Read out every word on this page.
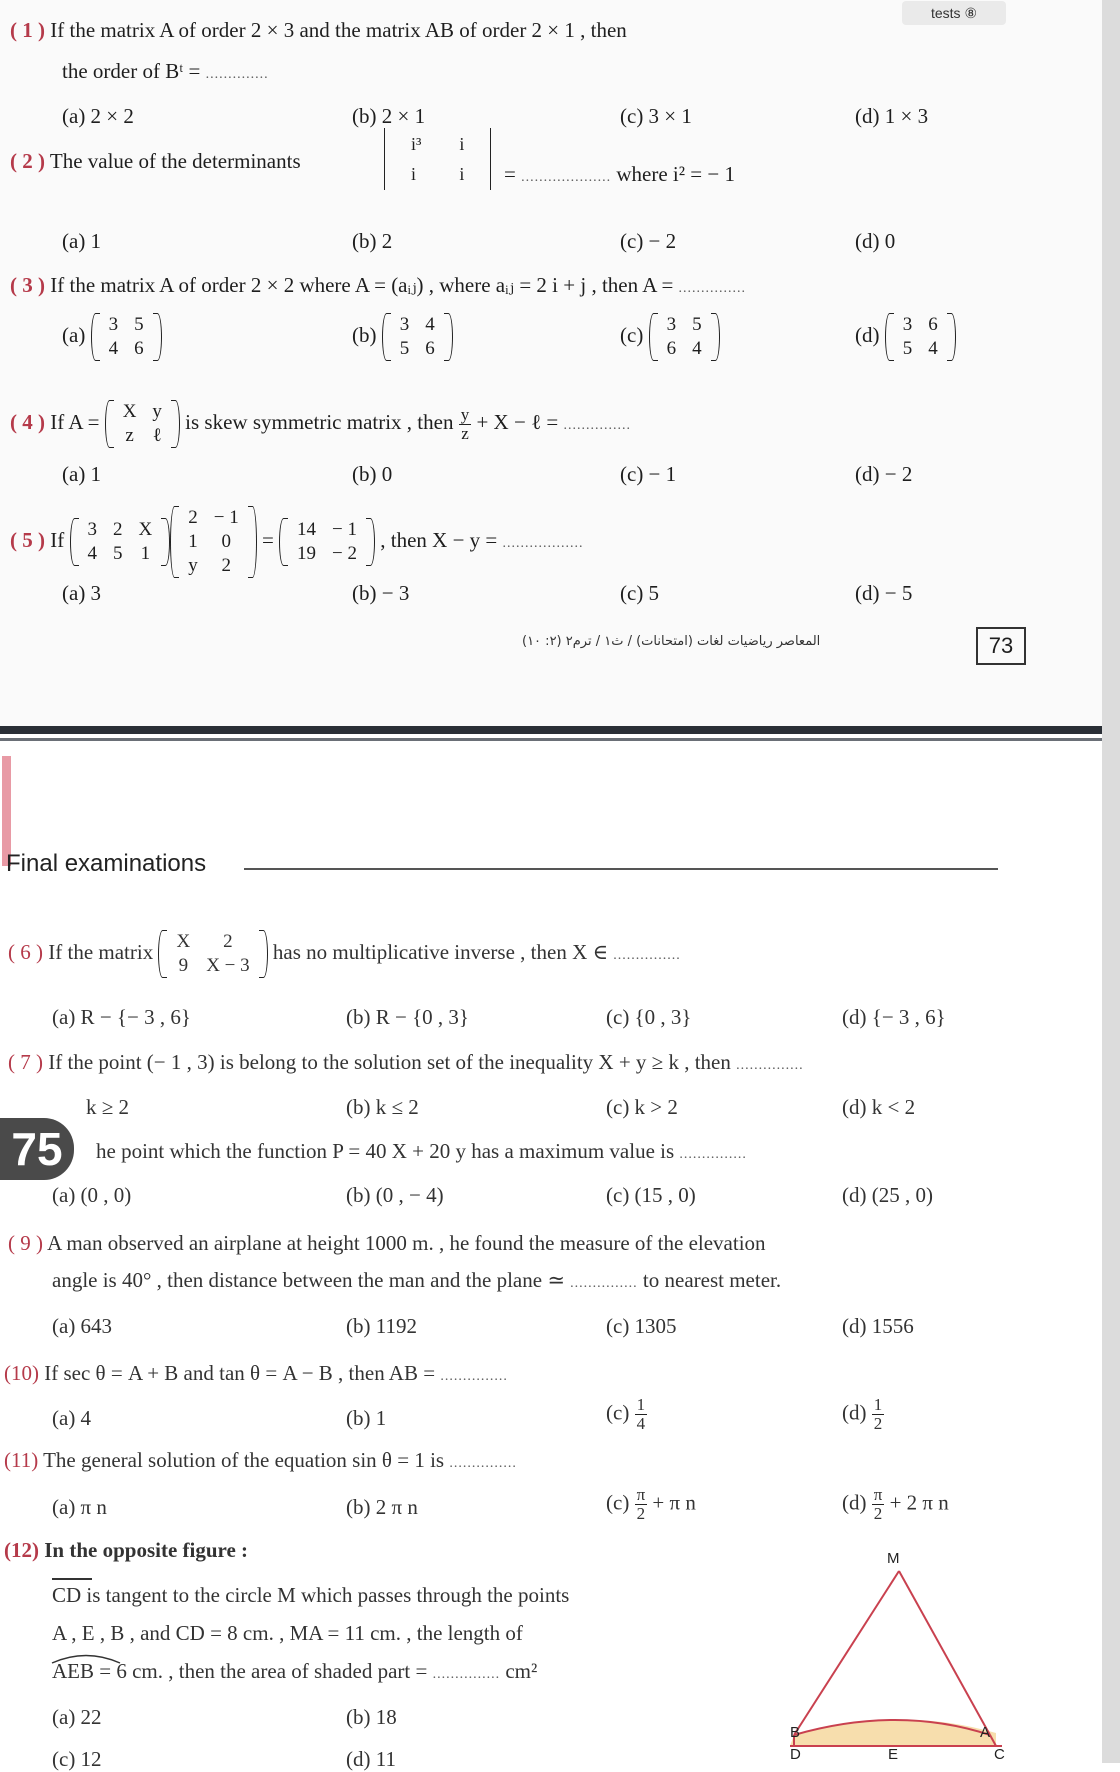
tests ⑧
( 1 ) If the matrix A of order 2 × 3 and the matrix AB of order 2 × 1 , then
the order of Bᵗ = ..............
(a) 2 × 2	(b) 2 × 1	(c) 3 × 1	(d) 1 × 3
( 2 ) The value of the determinants
i³	i
i	i = .................... where i² = − 1
(a) 1	(b) 2	(c) − 2	(d) 0
( 3 ) If the matrix A of order 2 × 2 where A = (aᵢⱼ) , where aᵢⱼ = 2 i + j , then A = ...............
(a) 3	5
4	6
(b) 3	4
5	6
(c) 3	5
6	4
(d) 3	6
5	4
( 4 ) If A = X	y
z	ℓ
is skew symmetric matrix , then $\frac{y}{z} + X$ − ℓ = ...............
(a) 1	(b) 0	(c) − 1	(d) − 2
( 5 ) If 3	2	X
4	5	1
2	− 1
1	0
y	2
= 14	− 1
19	− 2
, then X − y = ..................
(a) 3	(b) − 3	(c) 5	(d) − 5
المعاصر رياضيات لغات (امتحانات) / ث١ / ترم٢ (٢: ١٠)	73
Final examinations
( 6 ) If the matrix X	2
9	X − 3
has no multiplicative inverse , then X ∈ ...............
(a) R − {− 3 , 6}	(b) R − {0 , 3}	(c) {0 , 3}	(d) {− 3 , 6}
( 7 ) If the point (− 1 , 3) is belong to the solution set of the inequality X + y ≥ k , then ...............
k ≥ 2	(b) k ≤ 2	(c) k > 2	(d) k < 2
75	he point which the function P = 40 X + 20 y has a maximum value is ...............
(a) (0 , 0)	(b) (0 , − 4)	(c) (15 , 0)	(d) (25 , 0)
( 9 ) A man observed an airplane at height 1000 m. , he found the measure of the elevation
angle is 40° , then distance between the man and the plane ≃ ............... to nearest meter.
(a) 643	(b) 1192	(c) 1305	(d) 1556
(10) If sec θ = A + B and tan θ = A − B , then AB = ...............
(a) 4	(b) 1	$(c) \frac{1}{4}$	$(d) \frac{1}{2}$
(11) The general solution of the equation sin θ = 1 is ...............
(a) π n	(b) 2 π n	$(c) \frac{\pi}{2} + \pi$ n	$(d) \frac{\pi}{2} + 2$ π n
(12) In the opposite figure :
CD is tangent to the circle M which passes through the points
A , E , B , and CD = 8 cm. , MA = 11 cm. , the length of
AEB = 6 cm. , then the area of shaded part = ............... cm²
(a) 22	(b) 18
(c) 12	(d) 11
M
A
B
C
D	E
